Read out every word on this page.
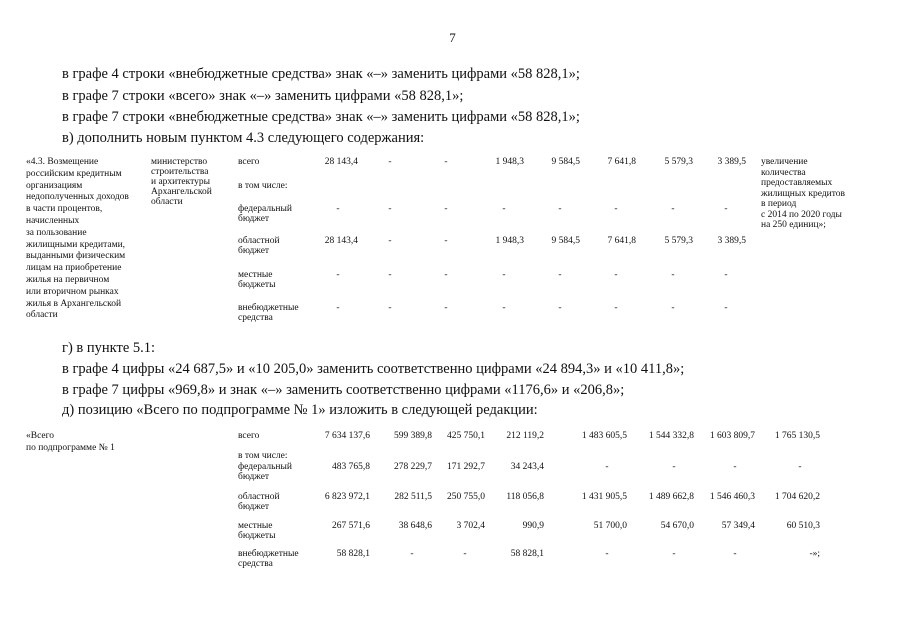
7
в графе 4 строки «внебюджетные средства» знак «–» заменить цифрами «58 828,1»;
в графе 7 строки «всего» знак «–» заменить цифрами «58 828,1»;
в графе 7 строки «внебюджетные средства» знак «–» заменить цифрами «58 828,1»;
в) дополнить новым пунктом 4.3 следующего содержания:
«4.3. Возмещение
российским кредитным
организациям
недополученных доходов
в части процентов,
начисленных
за пользование
жилищными кредитами,
выданными физическим
лицам на приобретение
жилья на первичном
или вторичном рынках
жилья в Архангельской
области
министерство
строительства
и архитектуры
Архангельской
области
увеличение
количества
предоставляемых
жилищных кредитов
в период
с 2014 по 2020 годы
на 250 единиц»;
всего	28 143,4	-	-	1 948,3	9 584,5	7 641,8	5 579,3	3 389,5
в том числе:
федеральный
бюджет
-	-	-	-	-	-	-	-
областной
бюджет
28 143,4	-	-	1 948,3	9 584,5	7 641,8	5 579,3	3 389,5
местные
бюджеты
-	-	-	-	-	-	-	-
внебюджетные
средства
-	-	-	-	-	-	-	-
г) в пункте 5.1:
в графе 4 цифры «24 687,5» и «10 205,0» заменить соответственно цифрами «24 894,3» и «10 411,8»;
в графе 7 цифры «969,8» и знак «–» заменить соответственно цифрами «1176,6» и «206,8»;
д) позицию «Всего по подпрограмме № 1» изложить в следующей редакции:
«Всего
по подпрограмме № 1
всего	7 634 137,6	599 389,8	425 750,1	212 119,2	1 483 605,5	1 544 332,8	1 603 809,7	1 765 130,5
в том числе:
федеральный
бюджет
483 765,8	278 229,7	171 292,7	34 243,4	-	-	-	-
областной
бюджет
6 823 972,1	282 511,5	250 755,0	118 056,8	1 431 905,5	1 489 662,8	1 546 460,3	1 704 620,2
местные
бюджеты
267 571,6	38 648,6	3 702,4	990,9	51 700,0	54 670,0	57 349,4	60 510,3
внебюджетные
средства
58 828,1	-	-	58 828,1	-	-	-	-»;
